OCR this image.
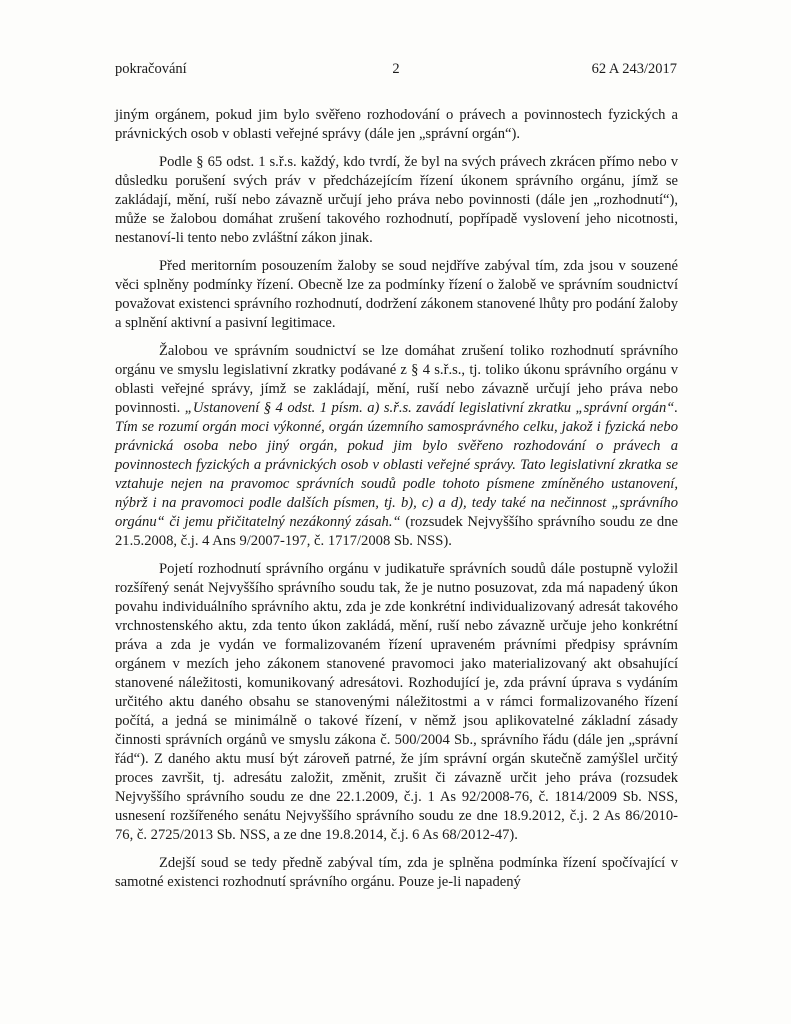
pokračování	2	62 A 243/2017

jiným orgánem, pokud jim bylo svěřeno rozhodování o právech a povinnostech fyzických a právnických osob v oblasti veřejné správy (dále jen „správní orgán“).

Podle § 65 odst. 1 s.ř.s. každý, kdo tvrdí, že byl na svých právech zkrácen přímo nebo v důsledku porušení svých práv v předcházejícím řízení úkonem správního orgánu, jímž se zakládají, mění, ruší nebo závazně určují jeho práva nebo povinnosti (dále jen „rozhodnutí“), může se žalobou domáhat zrušení takového rozhodnutí, popřípadě vyslovení jeho nicotnosti, nestanoví-li tento nebo zvláštní zákon jinak.

Před meritorním posouzením žaloby se soud nejdříve zabýval tím, zda jsou v souzené věci splněny podmínky řízení. Obecně lze za podmínky řízení o žalobě ve správním soudnictví považovat existenci správního rozhodnutí, dodržení zákonem stanovené lhůty pro podání žaloby a splnění aktivní a pasivní legitimace.

Žalobou ve správním soudnictví se lze domáhat zrušení toliko rozhodnutí správního orgánu ve smyslu legislativní zkratky podávané z § 4 s.ř.s., tj. toliko úkonu správního orgánu v oblasti veřejné správy, jímž se zakládají, mění, ruší nebo závazně určují jeho práva nebo povinnosti. „Ustanovení § 4 odst. 1 písm. a) s.ř.s. zavádí legislativní zkratku „správní orgán“. Tím se rozumí orgán moci výkonné, orgán územního samosprávného celku, jakož i fyzická nebo právnická osoba nebo jiný orgán, pokud jim bylo svěřeno rozhodování o právech a povinnostech fyzických a právnických osob v oblasti veřejné správy. Tato legislativní zkratka se vztahuje nejen na pravomoc správních soudů podle tohoto písmene zmíněného ustanovení, nýbrž i na pravomoci podle dalších písmen, tj. b), c) a d), tedy také na nečinnost „správního orgánu“ či jemu přičitatelný nezákonný zásah.“ (rozsudek Nejvyššího správního soudu ze dne 21.5.2008, č.j. 4 Ans 9/2007-197, č. 1717/2008 Sb. NSS).

Pojetí rozhodnutí správního orgánu v judikatuře správních soudů dále postupně vyložil rozšířený senát Nejvyššího správního soudu tak, že je nutno posuzovat, zda má napadený úkon povahu individuálního správního aktu, zda je zde konkrétní individualizovaný adresát takového vrchnostenského aktu, zda tento úkon zakládá, mění, ruší nebo závazně určuje jeho konkrétní práva a zda je vydán ve formalizovaném řízení upraveném právními předpisy správním orgánem v mezích jeho zákonem stanovené pravomoci jako materializovaný akt obsahující stanovené náležitosti, komunikovaný adresátovi. Rozhodující je, zda právní úprava s vydáním určitého aktu daného obsahu se stanovenými náležitostmi a v rámci formalizovaného řízení počítá, a jedná se minimálně o takové řízení, v němž jsou aplikovatelné základní zásady činnosti správních orgánů ve smyslu zákona č. 500/2004 Sb., správního řádu (dále jen „správní řád“). Z daného aktu musí být zároveň patrné, že jím správní orgán skutečně zamýšlel určitý proces završit, tj. adresátu založit, změnit, zrušit či závazně určit jeho práva (rozsudek Nejvyššího správního soudu ze dne 22.1.2009, č.j. 1 As 92/2008-76, č. 1814/2009 Sb. NSS, usnesení rozšířeného senátu Nejvyššího správního soudu ze dne 18.9.2012, č.j. 2 As 86/2010-76, č. 2725/2013 Sb. NSS, a ze dne 19.8.2014, č.j. 6 As 68/2012-47).

Zdejší soud se tedy předně zabýval tím, zda je splněna podmínka řízení spočívající v samotné existenci rozhodnutí správního orgánu. Pouze je-li napadený
